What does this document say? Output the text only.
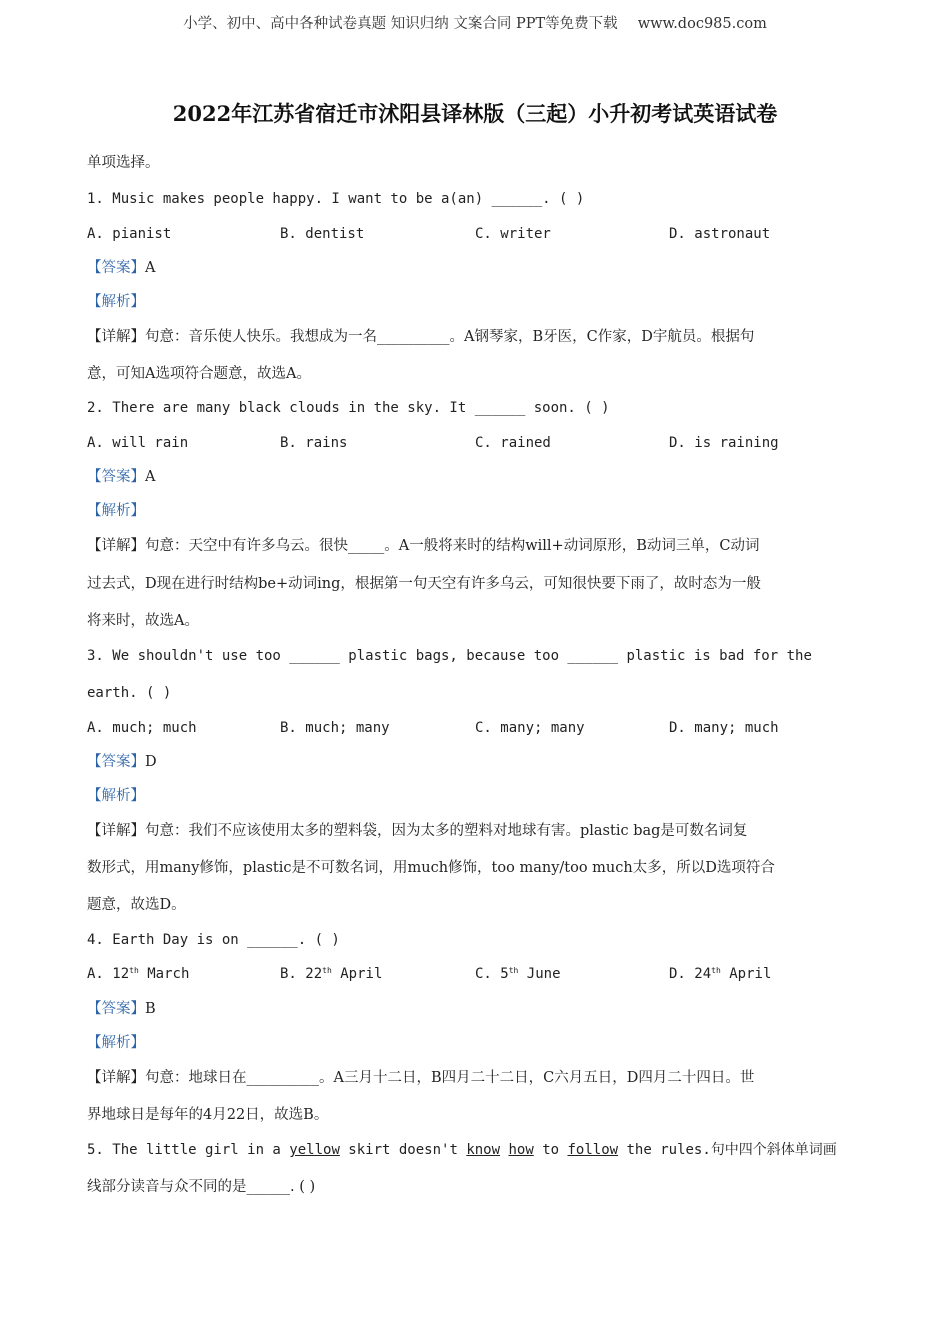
小学、初中、高中各种试卷真题 知识归纳 文案合同 PPT等免费下载 www.doc985.com
2022年江苏省宿迁市沭阳县译林版（三起）小升初考试英语试卷
单项选择。
1. Music makes people happy. I want to be a(an) ______. ( )
A. pianist	B. dentist	C. writer	D. astronaut
【答案】A
【解析】
【详解】句意：音乐使人快乐。我想成为一名__________。A钢琴家，B牙医，C作家，D宇航员。根据句
意，可知A选项符合题意，故选A。
2. There are many black clouds in the sky. It ______ soon. ( )
A. will rain	B. rains	C. rained	D. is raining
【答案】A
【解析】
【详解】句意：天空中有许多乌云。很快_____。A一般将来时的结构will+动词原形，B动词三单，C动词
过去式，D现在进行时结构be+动词ing，根据第一句天空有许多乌云，可知很快要下雨了，故时态为一般
将来时，故选A。
3. We shouldn't use too ______ plastic bags, because too ______ plastic is bad for the
earth. ( )
A. much; much	B. much; many	C. many; many	D. many; much
【答案】D
【解析】
【详解】句意：我们不应该使用太多的塑料袋，因为太多的塑料对地球有害。plastic bag是可数名词复
数形式，用many修饰，plastic是不可数名词，用much修饰，too many/too much太多，所以D选项符合
题意，故选D。
4. Earth Day is on ______. ( )
A. 12th March	B. 22th April	C. 5th June	D. 24th April
【答案】B
【解析】
【详解】句意：地球日在__________。A三月十二日，B四月二十二日，C六月五日，D四月二十四日。世
界地球日是每年的4月22日，故选B。
5. The little girl in a yellow skirt doesn't know how to follow the rules.句中四个斜体单词画
线部分读音与众不同的是______. ( )
